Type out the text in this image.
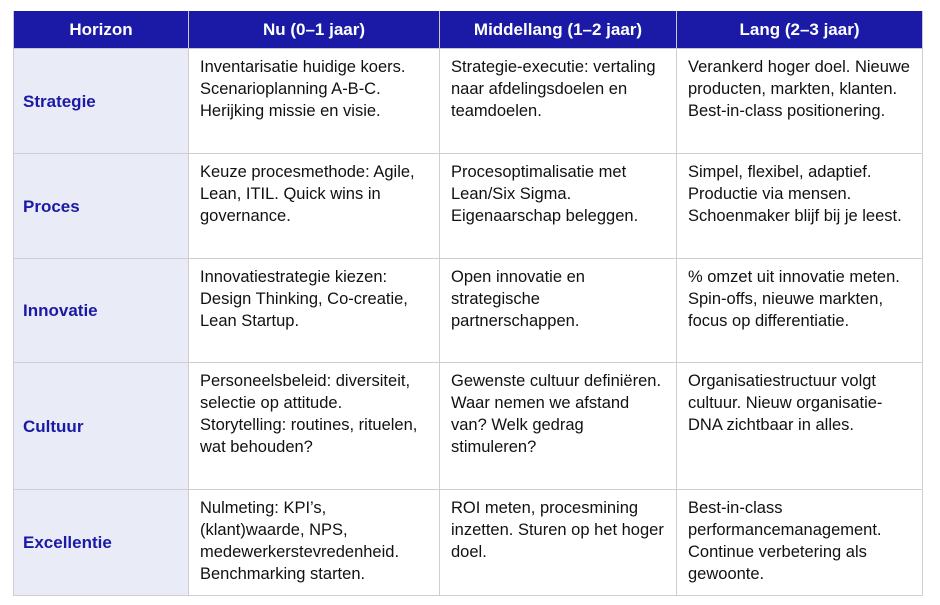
Horizon	Nu (0–1 jaar)	Middellang (1–2 jaar)	Lang (2–3 jaar)
Strategie	Inventarisatie huidige koers. Scenarioplanning A-B-C. Herijking missie en visie.	Strategie-executie: vertaling naar afdelingsdoelen en teamdoelen.	Verankerd hoger doel. Nieuwe producten, markten, klanten. Best-in-class positionering.
Proces	Keuze procesmethode: Agile, Lean, ITIL. Quick wins in governance.	Procesoptimalisatie met Lean/Six Sigma. Eigenaarschap beleggen.	Simpel, flexibel, adaptief. Productie via mensen. Schoenmaker blijf bij je leest.
Innovatie	Innovatiestrategie kiezen: Design Thinking, Co-creatie, Lean Startup.	Open innovatie en strategische partnerschappen.	% omzet uit innovatie meten. Spin-offs, nieuwe markten, focus op differentiatie.
Cultuur	Personeelsbeleid: diversiteit, selectie op attitude. Storytelling: routines, rituelen, wat behouden?	Gewenste cultuur definiëren. Waar nemen we afstand van? Welk gedrag stimuleren?	Organisatiestructuur volgt cultuur. Nieuw organisatie-DNA zichtbaar in alles.
Excellentie	Nulmeting: KPI’s, (klant)waarde, NPS, medewerkerstevredenheid. Benchmarking starten.	ROI meten, procesmining inzetten. Sturen op het hoger doel.	Best-in-class performancemanagement. Continue verbetering als gewoonte.
